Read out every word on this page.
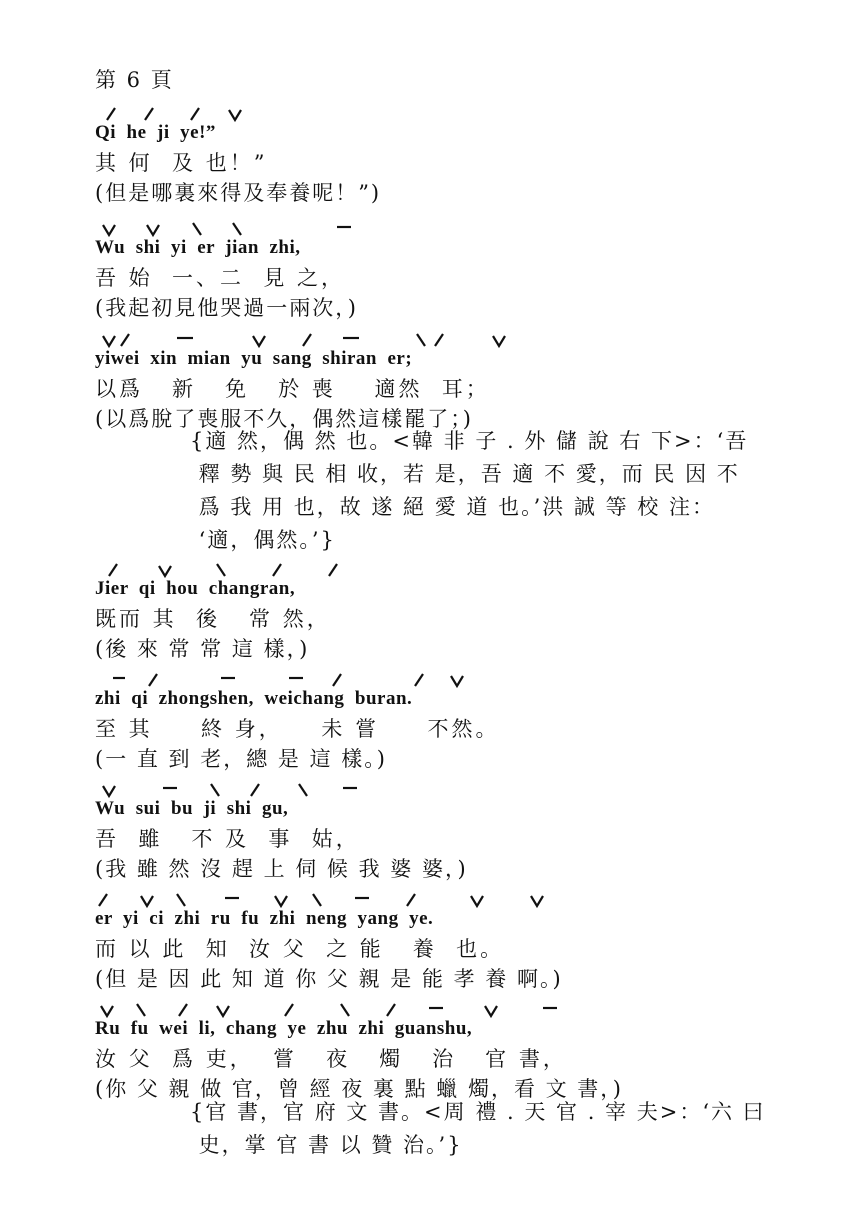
第 6 頁

Qi  he  ji  ye!”

其 何  及 也！”
(但是哪裏來得及奉養呢！”)

Wu  shi  yi  er  jian  zhi,

吾 始  一、二  見 之，
(我起初見他哭過一兩次，)

yiwei  xin  mian  yu  sang  shiran  er;

以爲   新   免   於 喪    適然  耳；
(以爲脫了喪服不久，偶然這樣罷了；)
{適 然，偶 然 也。<韓 非 子 . 外 儲 說 右 下>：‘吾
釋 勢 與 民 相 收，若 是，吾 適 不 愛，而 民 因 不
爲 我 用 也，故 遂 絕 愛 道 也。’洪 誠 等 校 注：
‘適，偶然。’}

Jier  qi  hou  changran,

既而 其  後   常 然，
(後 來 常 常 這 樣，)

zhi  qi  zhongshen,  weichang  buran.

至 其     終 身，    未 嘗     不然。
(一 直 到 老，總 是 這 樣。)

Wu  sui  bu  ji  shi  gu,

吾  雖   不 及  事  姑，
(我 雖 然 沒 趕 上 伺 候 我 婆 婆，)

er  yi  ci  zhi  ru  fu  zhi  neng  yang  ye.

而 以 此  知  汝 父  之 能   養  也。
(但 是 因 此 知 道 你 父 親 是 能 孝 養 啊。)

Ru  fu  wei  li,  chang  ye  zhu  zhi  guanshu,

汝 父  爲 吏，  嘗   夜   燭   治   官 書，
(你 父 親 做 官，曾 經 夜 裏 點 蠟 燭，看 文 書，)
{官 書，官 府 文 書。<周 禮 . 天 官 . 宰 夫>：‘六 曰
史，掌 官 書 以 贊 治。’}
